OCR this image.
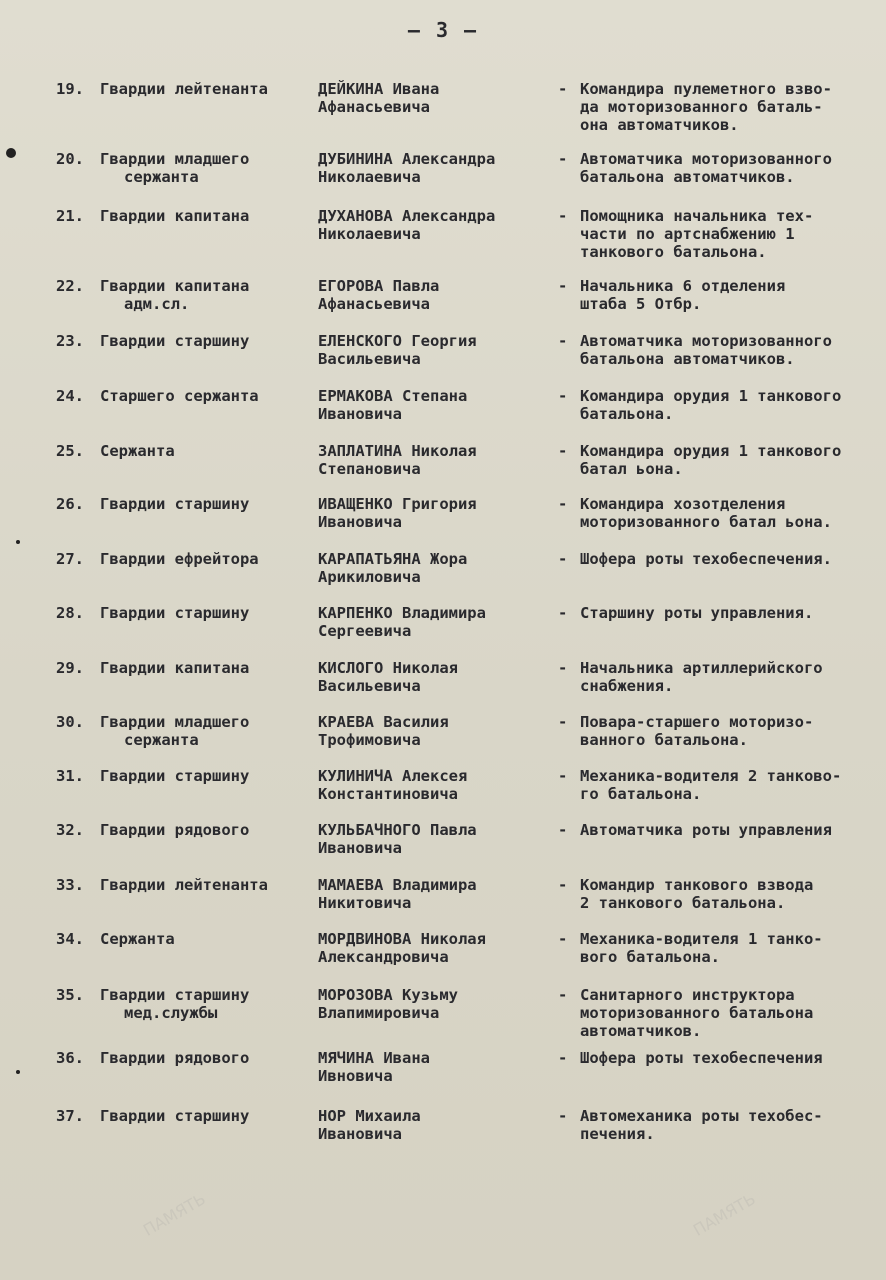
— 3 —
ПАМЯТЬ	ПАМЯТЬ
19.	Гвардии лейтенанта	ДЕЙКИНА Ивана
Афанасьевича
- Командира пулеметного взво-
да моторизованного баталь-
она автоматчиков.
20.	Гвардии младшего
сержанта
ДУБИНИНА Александра
Николаевича
- Автоматчика моторизованного
батальона автоматчиков.
21.	Гвардии капитана	ДУХАНОВА Александра
Николаевича
- Помощника начальника тех-
части по артснабжению 1
танкового батальона.
22.	Гвардии капитана
адм.сл.
ЕГОРОВА Павла
Афанасьевича
- Начальника 6 отделения
штаба 5 Отбр.
23.	Гвардии старшину	ЕЛЕНСКОГО Георгия
Васильевича
- Автоматчика моторизованного
батальона автоматчиков.
24.	Старшего сержанта	ЕРМАКОВА Степана
Ивановича
- Командира орудия 1 танкового
батальона.
25.	Сержанта	ЗАПЛАТИНА Николая
Степановича
- Командира орудия 1 танкового
батал ьона.
26.	Гвардии старшину	ИВАЩЕНКО Григория
Ивановича
- Командира хозотделения
моторизованного батал ьона.
27.	Гвардии ефрейтора	КАРАПАТЬЯНА Жора
Арикиловича
- Шофера роты техобеспечения.
28.	Гвардии старшину	КАРПЕНКО Владимира
Сергеевича
- Старшину роты управления.
29.	Гвардии капитана	КИСЛОГО Николая
Васильевича
- Начальника артиллерийского
снабжения.
30.	Гвардии младшего
сержанта
КРАЕВА Василия
Трофимовича
- Повара-старшего моторизо-
ванного батальона.
31.	Гвардии старшину	КУЛИНИЧА Алексея
Константиновича
- Механика-водителя 2 танково-
го батальона.
32.	Гвардии рядового	КУЛЬБАЧНОГО Павла
Ивановича
- Автоматчика роты управления
33.	Гвардии лейтенанта	МАМАЕВА Владимира
Никитовича
- Командир танкового взвода
2 танкового батальона.
34.	Сержанта	МОРДВИНОВА Николая
Александровича
- Механика-водителя 1 танко-
вого батальона.
35.	Гвардии старшину
мед.службы
МОРОЗОВА Кузьму
Влапимировича
- Санитарного инструктора
моторизованного батальона
автоматчиков.
36.	Гвардии рядового	МЯЧИНА Ивана
Ивновича
- Шофера роты техобеспечения
37.	Гвардии старшину	НОР Михаила
Ивановича
- Автомеханика роты техобес-
печения.
